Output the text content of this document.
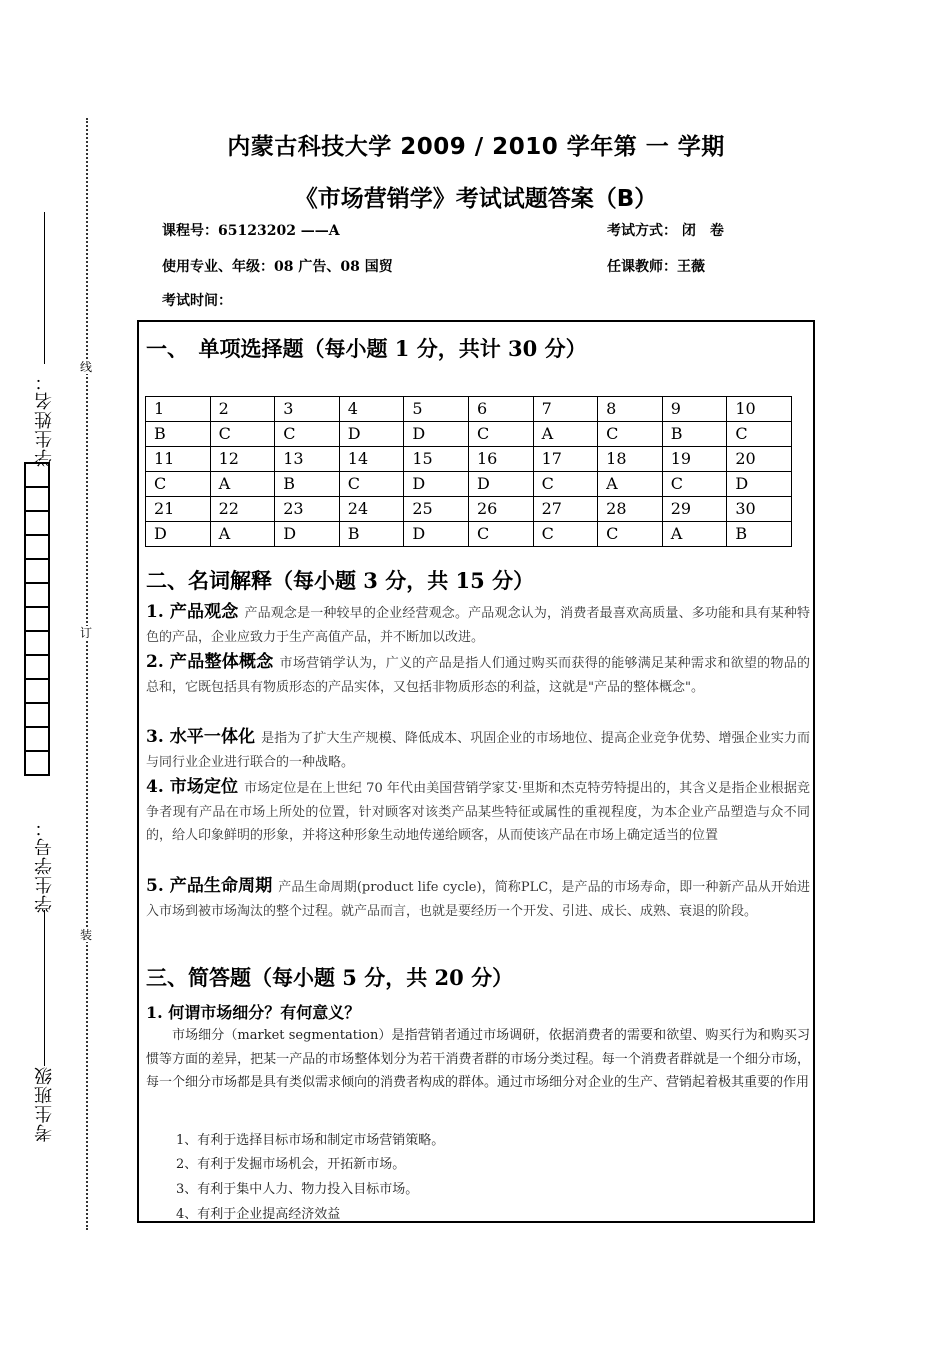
线
订
装
学生姓名：
学生学号：
考生班级
内蒙古科技大学 2009 / 2010 学年第 一 学期
《市场营销学》考试试题答案（B）
课程号：65123202 ——A	考试方式： 闭　卷
使用专业、年级：08 广告、08 国贸	任课教师：王薇
考试时间：
一、　单项选择题（每小题 1 分，共计 30 分）
1	2	3	4	5	6	7	8	9	10
B	C	C	D	D	C	A	C	B	C
11	12	13	14	15	16	17	18	19	20
C	A	B	C	D	D	C	A	C	D
21	22	23	24	25	26	27	28	29	30
D	A	D	B	D	C	C	C	A	B
二、名词解释（每小题 3 分，共 15 分）
1. 产品观念 产品观念是一种较早的企业经营观念。产品观念认为，消费者最喜欢高质量、多功能和具有某种特色的产品，企业应致力于生产高值产品，并不断加以改进。
2. 产品整体概念 市场营销学认为，广义的产品是指人们通过购买而获得的能够满足某种需求和欲望的物品的总和，它既包括具有物质形态的产品实体，又包括非物质形态的利益，这就是"产品的整体概念"。
3. 水平一体化 是指为了扩大生产规模、降低成本、巩固企业的市场地位、提高企业竞争优势、增强企业实力而与同行业企业进行联合的一种战略。
4. 市场定位 市场定位是在上世纪 70 年代由美国营销学家艾·里斯和杰克特劳特提出的，其含义是指企业根据竞争者现有产品在市场上所处的位置，针对顾客对该类产品某些特征或属性的重视程度，为本企业产品塑造与众不同的，给人印象鲜明的形象，并将这种形象生动地传递给顾客，从而使该产品在市场上确定适当的位置
5. 产品生命周期 产品生命周期(product life cycle)，简称PLC，是产品的市场寿命，即一种新产品从开始进入市场到被市场淘汰的整个过程。就产品而言，也就是要经历一个开发、引进、成长、成熟、衰退的阶段。
三、简答题（每小题 5 分，共 20 分）
1. 何谓市场细分？有何意义？
市场细分（market segmentation）是指营销者通过市场调研，依据消费者的需要和欲望、购买行为和购买习惯等方面的差异，把某一产品的市场整体划分为若干消费者群的市场分类过程。每一个消费者群就是一个细分市场，每一个细分市场都是具有类似需求倾向的消费者构成的群体。通过市场细分对企业的生产、营销起着极其重要的作用
1、有利于选择目标市场和制定市场营销策略。
2、有利于发掘市场机会，开拓新市场。
3、有利于集中人力、物力投入目标市场。
4、有利于企业提高经济效益
